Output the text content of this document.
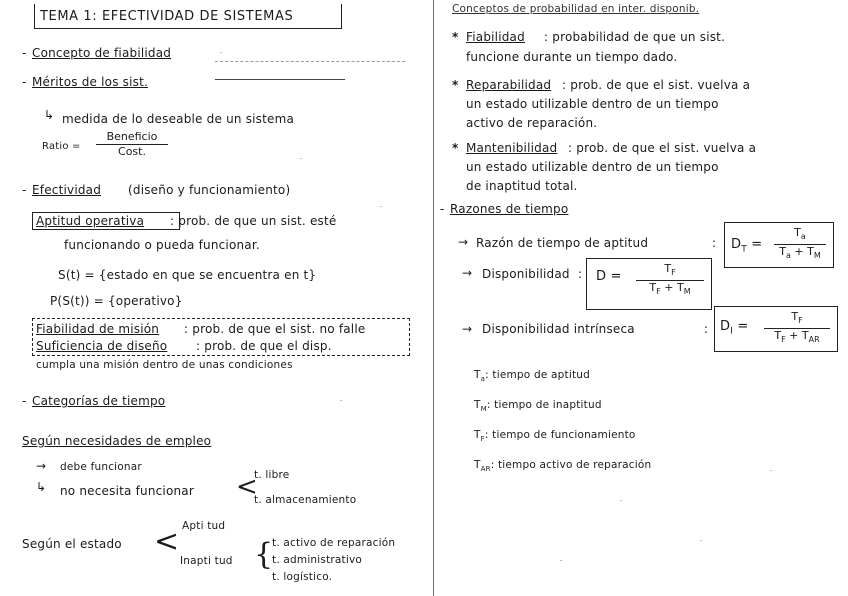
TEMA 1: EFECTIVIDAD DE SISTEMAS
- Concepto de fiabilidad
- Méritos de los sist.
↳ medida de lo deseable de un sistema
Ratio =
Beneficio
Cost.
- Efectividad (diseño y funcionamiento)
Aptitud operativa : prob. de que un sist. esté
funcionando o pueda funcionar.
S(t) = {estado en que se encuentra en t}
P(S(t)) = {operativo}
Fiabilidad de misión : prob. de que el sist. no falle
Suficiencia de diseño : prob. de que el disp.
cumpla una misión dentro de unas condiciones
- Categorías de tiempo
Según necesidades de empleo
→ debe funcionar
↳ no necesita funcionar <
t. libre
t. almacenamiento
Según el estado < Apti tud
Inapti tud {
t. activo de reparación
t. administrativo
t. logístico.
Conceptos de probabilidad en inter. disponib.
* Fiabilidad : probabilidad de que un sist.
funcione durante un tiempo dado.
* Reparabilidad : prob. de que el sist. vuelva a
un estado utilizable dentro de un tiempo
activo de reparación.
* Mantenibilidad : prob. de que el sist. vuelva a
un estado utilizable dentro de un tiempo
de inaptitud total.
- Razones de tiempo
→ Razón de tiempo de aptitud	: $D_T = \frac{T_a}{T_a + T_M}$
→ Disponibilidad : $D = \frac{T_F}{T_F + T_M}$
→ Disponibilidad intrínseca	: $D_I$ =
$T_F$
$T_F + T_{AR}$
$T_a$: tiempo de aptitud
$T_M$: tiempo de inaptitud
$T_F$: tiempo de funcionamiento
$T_{AR}$: tiempo activo de reparación
